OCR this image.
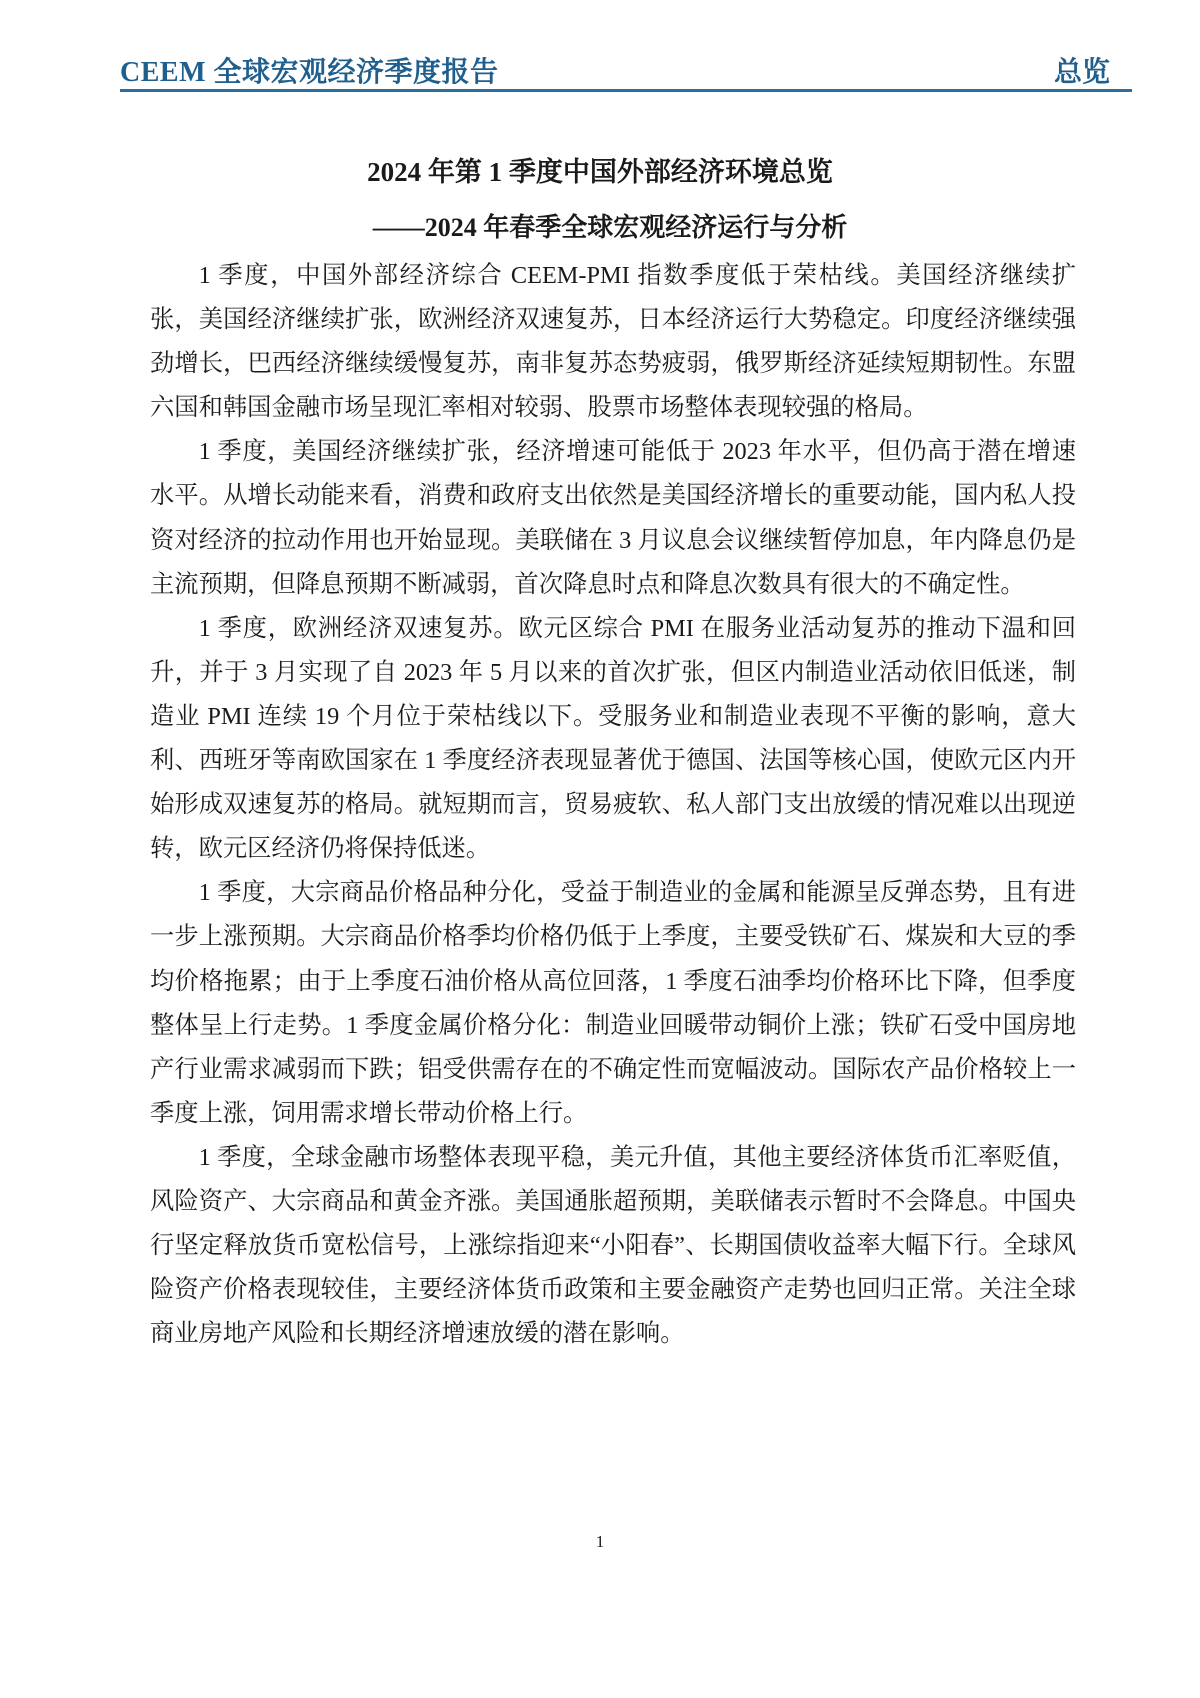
CEEM 全球宏观经济季度报告	总览
2024 年第 1 季度中国外部经济环境总览
——2024 年春季全球宏观经济运行与分析

1 季度，中国外部经济综合 CEEM-PMI 指数季度低于荣枯线。美国经济继续扩张，美国经济继续扩张，欧洲经济双速复苏，日本经济运行大势稳定。印度经济继续强劲增长，巴西经济继续缓慢复苏，南非复苏态势疲弱，俄罗斯经济延续短期韧性。东盟六国和韩国金融市场呈现汇率相对较弱、股票市场整体表现较强的格局。

1 季度，美国经济继续扩张，经济增速可能低于 2023 年水平，但仍高于潜在增速水平。从增长动能来看，消费和政府支出依然是美国经济增长的重要动能，国内私人投资对经济的拉动作用也开始显现。美联储在 3 月议息会议继续暂停加息，年内降息仍是主流预期，但降息预期不断减弱，首次降息时点和降息次数具有很大的不确定性。

1 季度，欧洲经济双速复苏。欧元区综合 PMI 在服务业活动复苏的推动下温和回升，并于 3 月实现了自 2023 年 5 月以来的首次扩张，但区内制造业活动依旧低迷，制造业 PMI 连续 19 个月位于荣枯线以下。受服务业和制造业表现不平衡的影响，意大利、西班牙等南欧国家在 1 季度经济表现显著优于德国、法国等核心国，使欧元区内开始形成双速复苏的格局。就短期而言，贸易疲软、私人部门支出放缓的情况难以出现逆转，欧元区经济仍将保持低迷。

1 季度，大宗商品价格品种分化，受益于制造业的金属和能源呈反弹态势，且有进一步上涨预期。大宗商品价格季均价格仍低于上季度，主要受铁矿石、煤炭和大豆的季均价格拖累；由于上季度石油价格从高位回落，1 季度石油季均价格环比下降，但季度整体呈上行走势。1 季度金属价格分化：制造业回暖带动铜价上涨；铁矿石受中国房地产行业需求减弱而下跌；铝受供需存在的不确定性而宽幅波动。国际农产品价格较上一季度上涨，饲用需求增长带动价格上行。

1 季度，全球金融市场整体表现平稳，美元升值，其他主要经济体货币汇率贬值，风险资产、大宗商品和黄金齐涨。美国通胀超预期，美联储表示暂时不会降息。中国央行坚定释放货币宽松信号，上涨综指迎来“小阳春”、长期国债收益率大幅下行。全球风险资产价格表现较佳，主要经济体货币政策和主要金融资产走势也回归正常。关注全球商业房地产风险和长期经济增速放缓的潜在影响。

1
